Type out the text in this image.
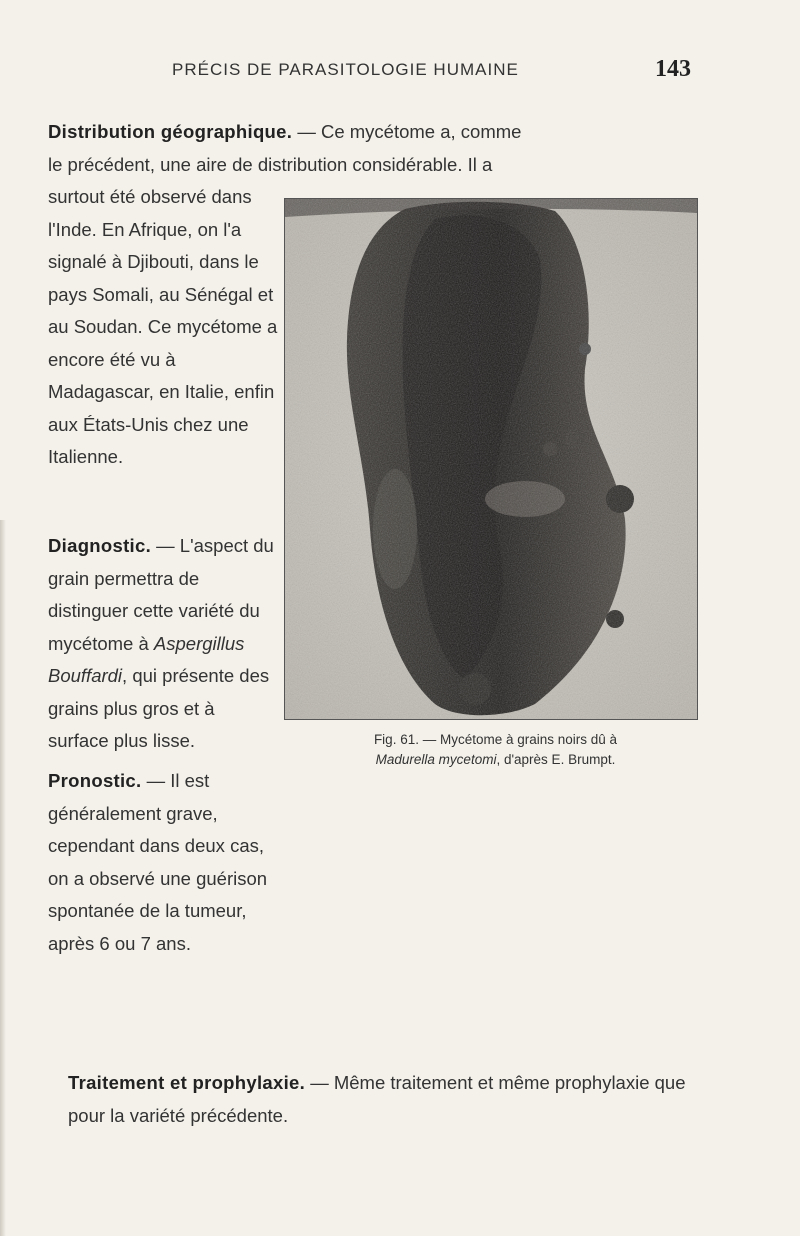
PRÉCIS DE PARASITOLOGIE HUMAINE	143

Distribution géographique. — Ce mycétome a, comme
le précédent, une aire de distribution considérable. Il a

surtout été observé dans l'Inde. En Afrique, on l'a signalé à Djibouti, dans le pays Somali, au Sénégal et au Soudan. Ce mycétome a encore été vu à Madagascar, en Italie, enfin aux États-Unis chez une Italienne.

Diagnostic. — L'aspect du grain permettra de distinguer cette variété du mycétome à Aspergillus Bouffardi, qui présente des grains plus gros et à surface plus lisse.

Pronostic. — Il est généralement grave, cependant dans deux cas, on a observé une guérison spontanée de la tumeur, après 6 ou 7 ans.

Fig. 61. — Mycétome à grains noirs dû à
Madurella mycetomi, d'après E. Brumpt.

Traitement et prophylaxie. — Même traitement et même prophylaxie que pour la variété précédente.
